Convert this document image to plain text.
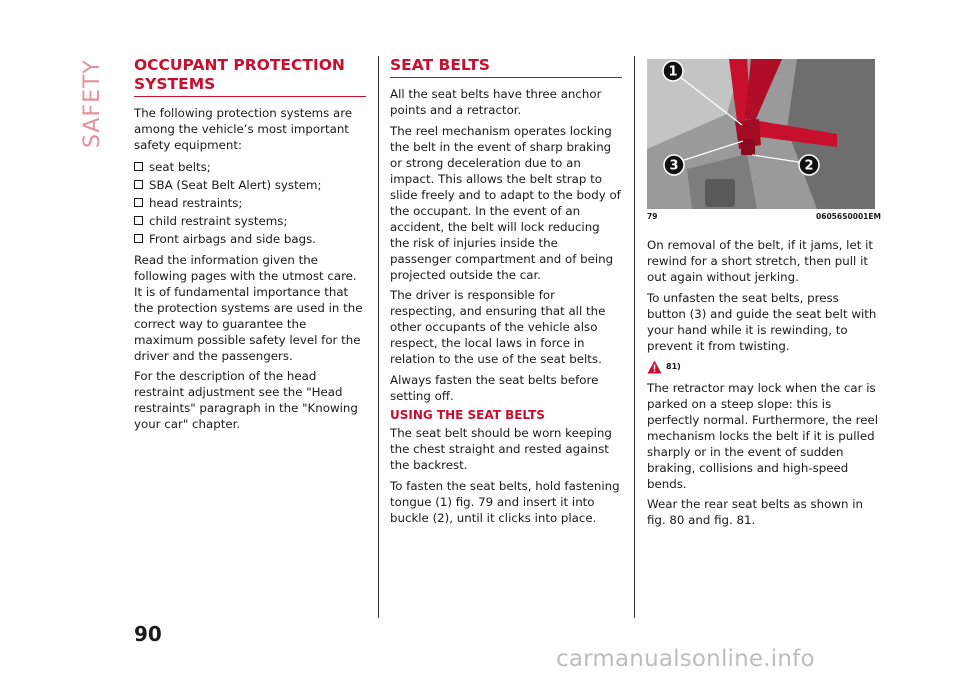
SAFETY OCCUPANT PROTECTION SYSTEMS

The following protection systems are among the vehicle’s most important safety equipment:

seat belts;
SBA (Seat Belt Alert) system;
head restraints;
child restraint systems;
Front airbags and side bags.

Read the information given the following pages with the utmost care. It is of fundamental importance that the protection systems are used in the correct way to guarantee the maximum possible safety level for the driver and the passengers.

For the description of the head restraint adjustment see the "Head restraints" paragraph in the "Knowing your car" chapter.

SEAT BELTS

All the seat belts have three anchor points and a retractor.

The reel mechanism operates locking the belt in the event of sharp braking or strong deceleration due to an impact. This allows the belt strap to slide freely and to adapt to the body of the occupant. In the event of an accident, the belt will lock reducing the risk of injuries inside the passenger compartment and of being projected outside the car.

The driver is responsible for respecting, and ensuring that all the other occupants of the vehicle also respect, the local laws in force in relation to the use of the seat belts.

Always fasten the seat belts before setting off.

USING THE SEAT BELTS

The seat belt should be worn keeping the chest straight and rested against the backrest.

To fasten the seat belts, hold fastening tongue (1) fig. 79 and insert it into buckle (2), until it clicks into place.

1
3	2
79	06056S0001EM

On removal of the belt, if it jams, let it rewind for a short stretch, then pull it out again without jerking.

To unfasten the seat belts, press button (3) and guide the seat belt with your hand while it is rewinding, to prevent it from twisting.

81)

The retractor may lock when the car is parked on a steep slope: this is perfectly normal. Furthermore, the reel mechanism locks the belt if it is pulled sharply or in the event of sudden braking, collisions and high-speed bends.

Wear the rear seat belts as shown in fig. 80 and fig. 81.

90
carmanualsonline.info
